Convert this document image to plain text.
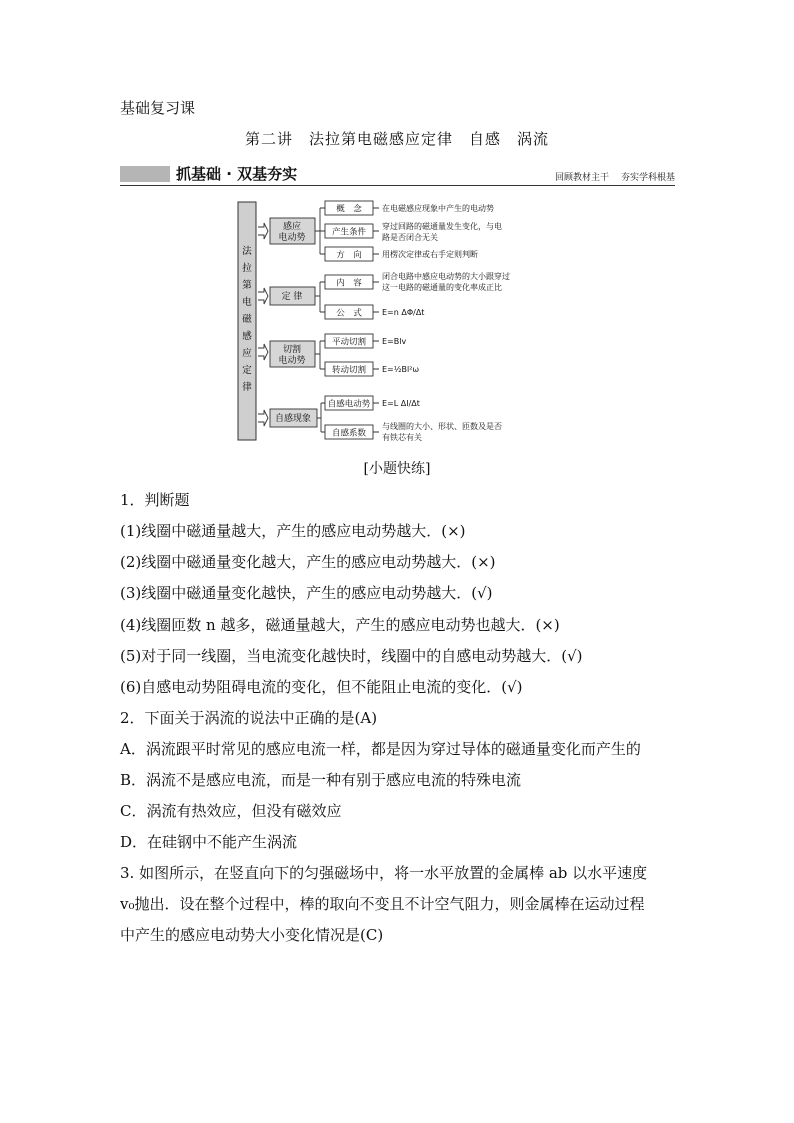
基础复习课
第二讲　法拉第电磁感应定律　自感　涡流
抓基础 · 双基夯实	回顾教材主干 夯实学科根基
法拉第电磁感应定律
感应
电动势
定 律
切割
电动势
自感现象
概　念
产生条件
方　向
内　容
公　式
平动切割
转动切割
自感电动势
自感系数
在电磁感应现象中产生的电动势
穿过回路的磁通量发生变化，与电
路是否闭合无关
用楞次定律或右手定则判断
闭合电路中感应电动势的大小跟穿过
这一电路的磁通量的变化率成正比
E=n ΔΦ/Δt
E=Blv
E=½Bl²ω
E=L ΔI/Δt
与线圈的大小、形状、匝数及是否
有铁芯有关
[小题快练]
1．判断题
(1)线圈中磁通量越大，产生的感应电动势越大．(×)
(2)线圈中磁通量变化越大，产生的感应电动势越大．(×)
(3)线圈中磁通量变化越快，产生的感应电动势越大．(√)
(4)线圈匝数 n 越多，磁通量越大，产生的感应电动势也越大．(×)
(5)对于同一线圈，当电流变化越快时，线圈中的自感电动势越大．(√)
(6)自感电动势阻碍电流的变化，但不能阻止电流的变化．(√)
2．下面关于涡流的说法中正确的是(A)
A．涡流跟平时常见的感应电流一样，都是因为穿过导体的磁通量变化而产生的
B．涡流不是感应电流，而是一种有别于感应电流的特殊电流
C．涡流有热效应，但没有磁效应
D．在硅钢中不能产生涡流
3. 如图所示，在竖直向下的匀强磁场中，将一水平放置的金属棒 ab 以水平速度
v₀抛出．设在整个过程中，棒的取向不变且不计空气阻力，则金属棒在运动过程
中产生的感应电动势大小变化情况是(C)
